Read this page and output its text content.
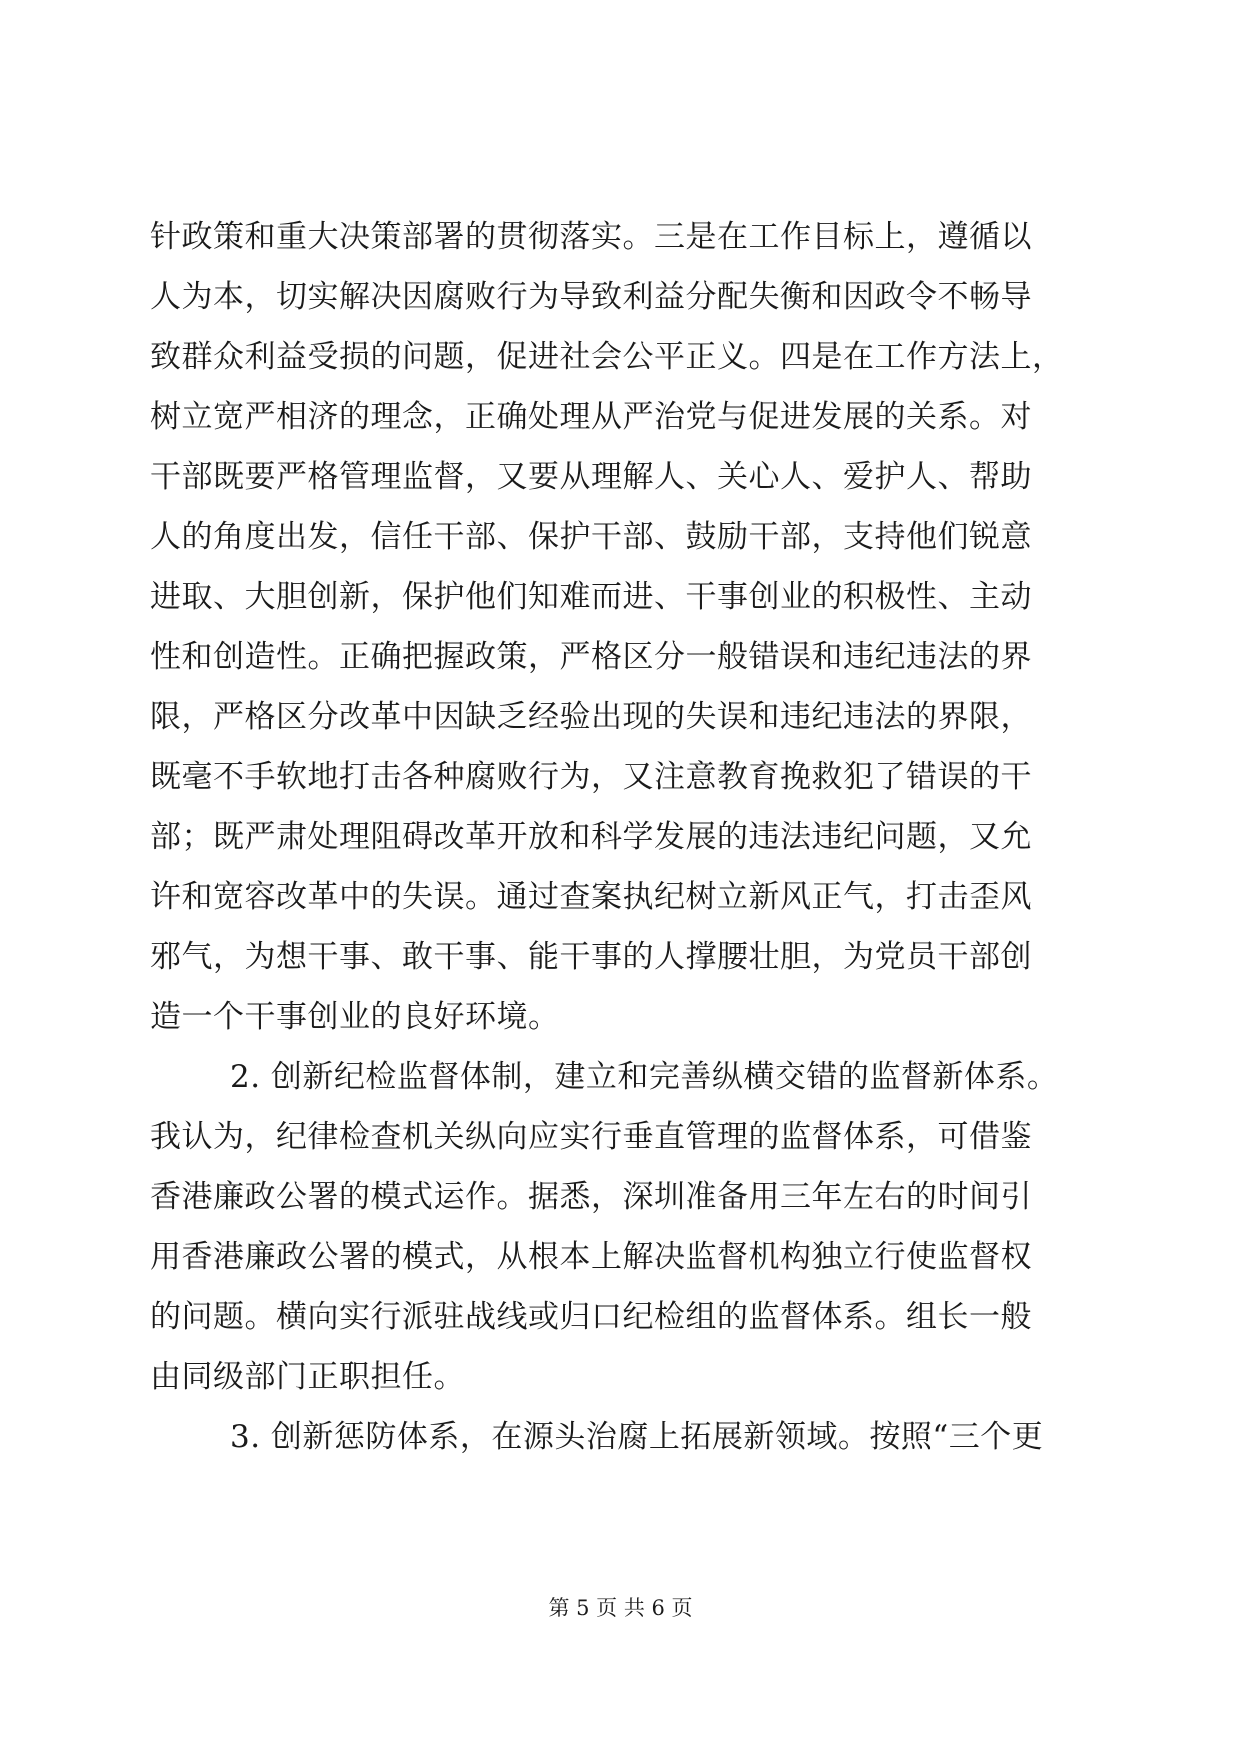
针政策和重大决策部署的贯彻落实。三是在工作目标上，遵循以
人为本，切实解决因腐败行为导致利益分配失衡和因政令不畅导
致群众利益受损的问题，促进社会公平正义。四是在工作方法上，
树立宽严相济的理念，正确处理从严治党与促进发展的关系。对
干部既要严格管理监督，又要从理解人、关心人、爱护人、帮助
人的角度出发，信任干部、保护干部、鼓励干部，支持他们锐意
进取、大胆创新，保护他们知难而进、干事创业的积极性、主动
性和创造性。正确把握政策，严格区分一般错误和违纪违法的界
限，严格区分改革中因缺乏经验出现的失误和违纪违法的界限，
既毫不手软地打击各种腐败行为，又注意教育挽救犯了错误的干
部；既严肃处理阻碍改革开放和科学发展的违法违纪问题，又允
许和宽容改革中的失误。通过查案执纪树立新风正气，打击歪风
邪气，为想干事、敢干事、能干事的人撑腰壮胆，为党员干部创
造一个干事创业的良好环境。
2. 创新纪检监督体制，建立和完善纵横交错的监督新体系。
我认为，纪律检查机关纵向应实行垂直管理的监督体系，可借鉴
香港廉政公署的模式运作。据悉，深圳准备用三年左右的时间引
用香港廉政公署的模式，从根本上解决监督机构独立行使监督权
的问题。横向实行派驻战线或归口纪检组的监督体系。组长一般
由同级部门正职担任。
3. 创新惩防体系，在源头治腐上拓展新领域。按照“三个更
第 5 页 共 6 页
